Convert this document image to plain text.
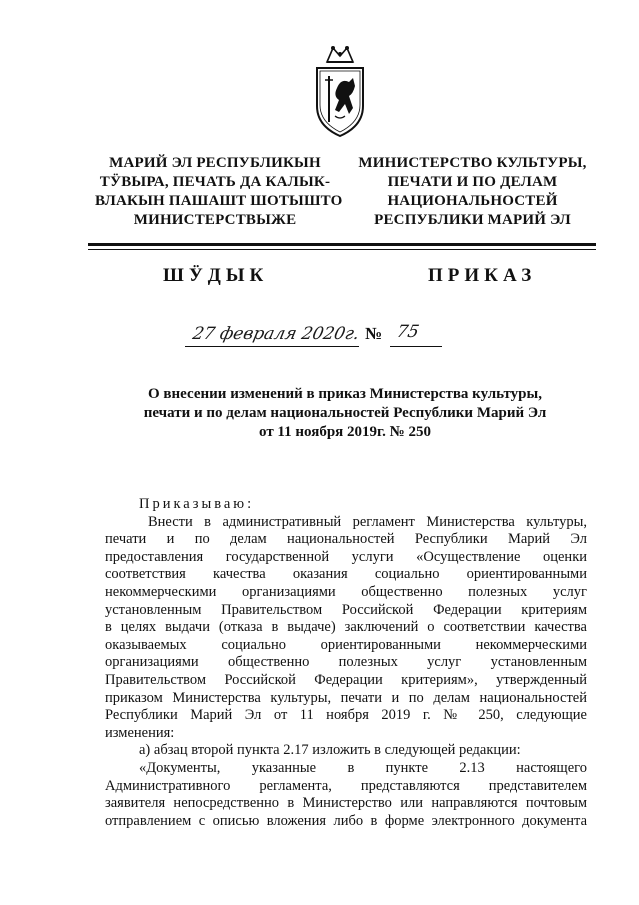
МАРИЙ ЭЛ РЕСПУБЛИКЫН
ТӰВЫРА, ПЕЧАТЬ ДА КАЛЫК-
ВЛАКЫН ПАШАШТ ШОТЫШТО
МИНИСТЕРСТВЫЖЕ
МИНИСТЕРСТВО КУЛЬТУРЫ,
ПЕЧАТИ И ПО ДЕЛАМ
НАЦИОНАЛЬНОСТЕЙ
РЕСПУБЛИКИ МАРИЙ ЭЛ
ШӰДЫК	ПРИКАЗ
27 февраля 2020г. № 75
О внесении изменений в приказ Министерства культуры,
печати и по делам национальностей Республики Марий Эл
от 11 ноября 2019г. № 250
Приказываю:
Внести в административный регламент Министерства культуры,
печати и по делам национальностей Республики Марий Эл
предоставления государственной услуги «Осуществление оценки
соответствия качества оказания социально ориентированными
некоммерческими организациями общественно полезных услуг
установленным Правительством Российской Федерации критериям
в целях выдачи (отказа в выдаче) заключений о соответствии качества
оказываемых социально ориентированными некоммерческими
организациями общественно полезных услуг установленным
Правительством Российской Федерации критериям», утвержденный
приказом Министерства культуры, печати и по делам национальностей
Республики Марий Эл от 11 ноября 2019 г. № 250, следующие
изменения:
а) абзац второй пункта 2.17 изложить в следующей редакции:
«Документы, указанные в пункте 2.13 настоящего
Административного регламента, представляются представителем
заявителя непосредственно в Министерство или направляются почтовым
отправлением с описью вложения либо в форме электронного документа
